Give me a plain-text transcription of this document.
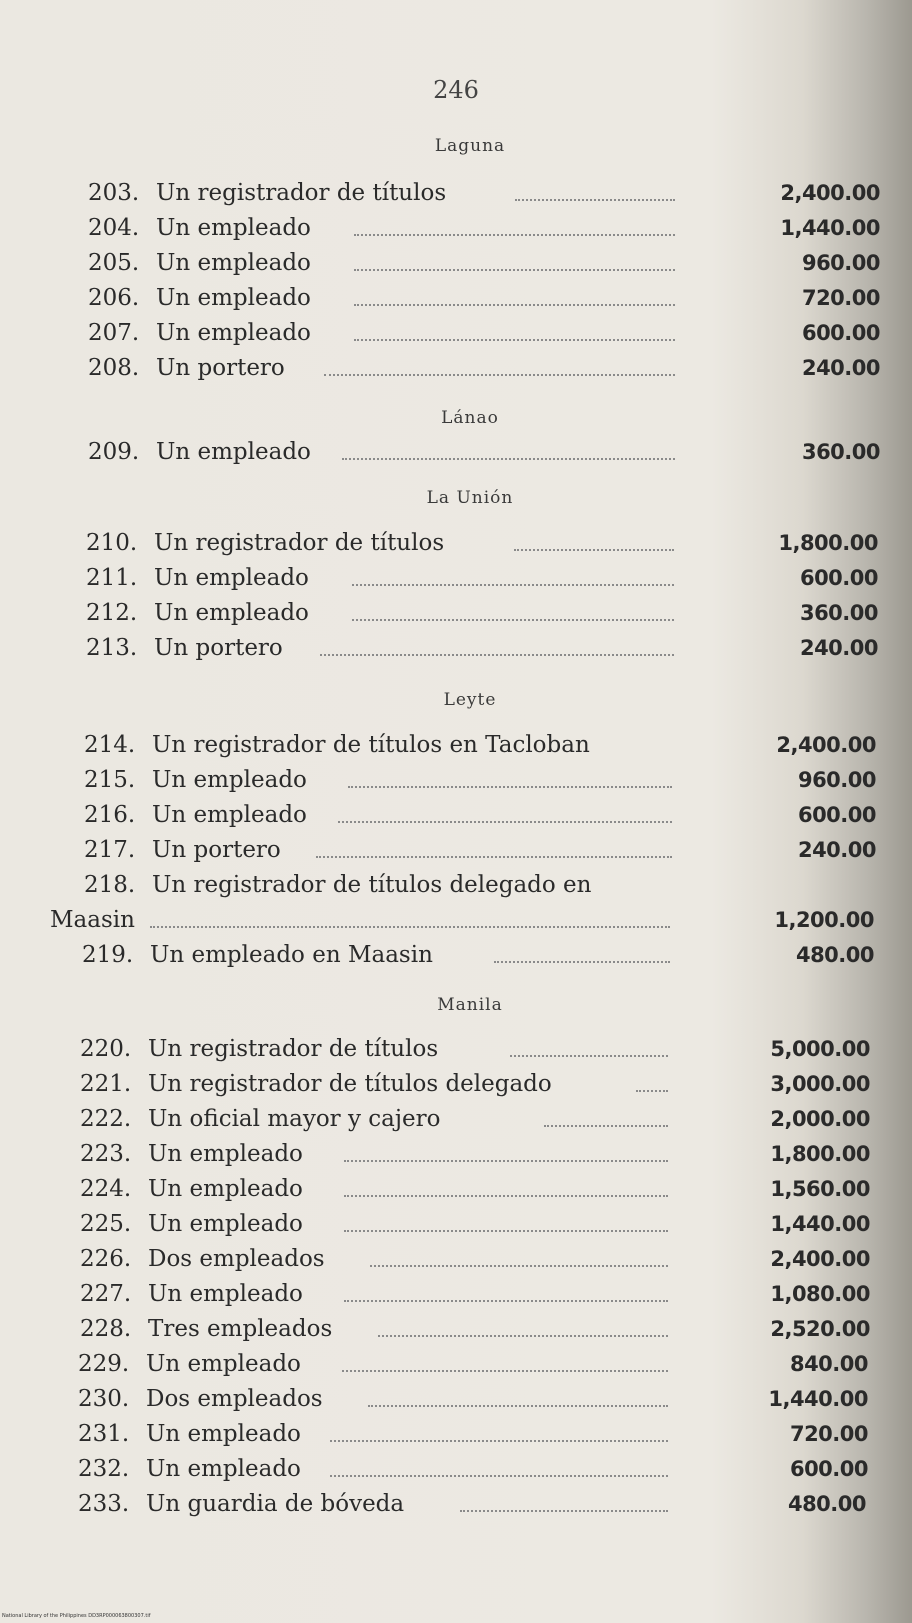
246
Laguna
203. Un registrador de títulos	2,400.00
204. Un empleado	1,440.00
205. Un empleado	960.00
206. Un empleado	720.00
207. Un empleado	600.00
208. Un portero	240.00
Lánao
209. Un empleado	360.00
La Unión
210. Un registrador de títulos	1,800.00
211. Un empleado	600.00
212. Un empleado	360.00
213. Un portero	240.00
Leyte
214. Un registrador de títulos en Tacloban	2,400.00
215. Un empleado	960.00
216. Un empleado	600.00
217. Un portero	240.00
218. Un registrador de títulos delegado en
Maasin	1,200.00
219. Un empleado en Maasin	480.00
Manila
220. Un registrador de títulos	5,000.00
221. Un registrador de títulos delegado	3,000.00
222. Un oficial mayor y cajero	2,000.00
223. Un empleado	1,800.00
224. Un empleado	1,560.00
225. Un empleado	1,440.00
226. Dos empleados	2,400.00
227. Un empleado	1,080.00
228. Tres empleados	2,520.00
229. Un empleado	840.00
230. Dos empleados	1,440.00
231. Un empleado	720.00
232. Un empleado	600.00
233. Un guardia de bóveda	480.00
National Library of the Philippines DD3RP000063800307.tif
